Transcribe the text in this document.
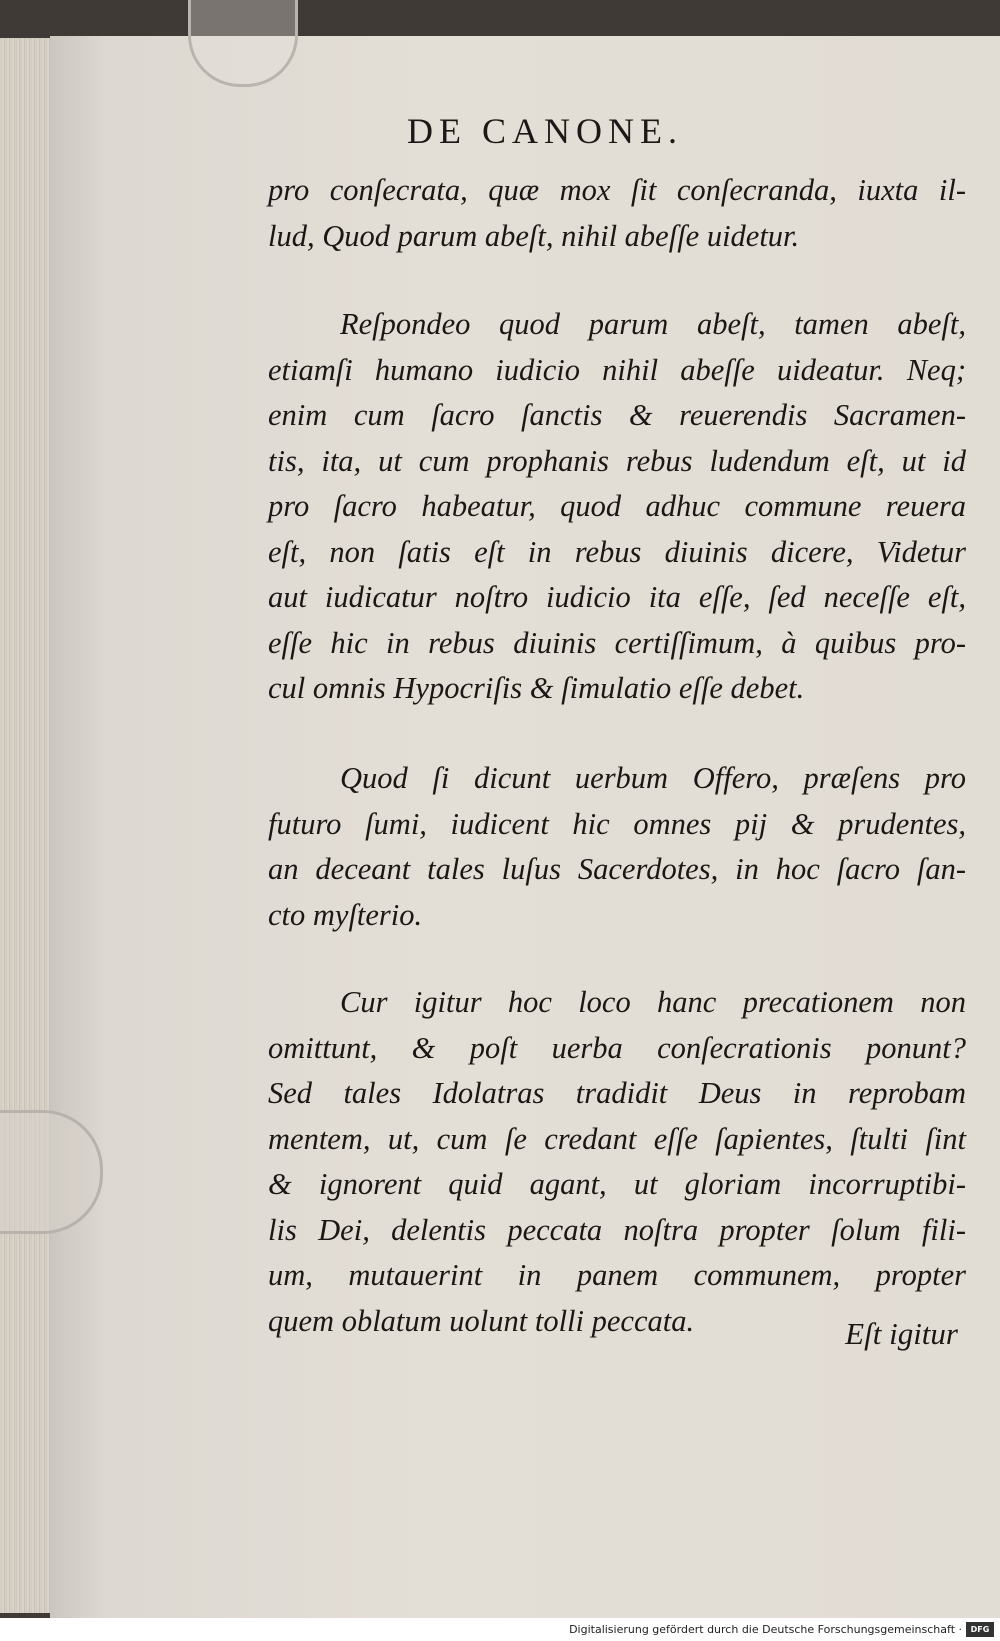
DE CANONE.
pro conſecrata, quæ mox ſit conſecranda, iuxta il-
lud, Quod parum abeſt, nihil abeſſe uidetur.
Reſpondeo quod parum abeſt, tamen abeſt,
etiamſi humano iudicio nihil abeſſe uideatur. Neq;
enim cum ſacro ſanctis & reuerendis Sacramen-
tis, ita, ut cum prophanis rebus ludendum eſt, ut id
pro ſacro habeatur, quod adhuc commune reuera
eſt, non ſatis eſt in rebus diuinis dicere, Videtur
aut iudicatur noſtro iudicio ita eſſe, ſed neceſſe eſt,
eſſe hic in rebus diuinis certiſſimum, à quibus pro-
cul omnis Hypocriſis & ſimulatio eſſe debet.
Quod ſi dicunt uerbum Offero, præſens pro
futuro ſumi, iudicent hic omnes pij & prudentes,
an deceant tales luſus Sacerdotes, in hoc ſacro ſan-
cto myſterio.
Cur igitur hoc loco hanc precationem non
omittunt, & poſt uerba conſecrationis ponunt?
Sed tales Idolatras tradidit Deus in reprobam
mentem, ut, cum ſe credant eſſe ſapientes, ſtulti ſint
& ignorent quid agant, ut gloriam incorruptibi-
lis Dei, delentis peccata noſtra propter ſolum fili-
um, mutauerint in panem communem, propter
quem oblatum uolunt tolli peccata.	Eſt igitur
Digitalisierung gefördert durch die Deutsche Forschungsgemeinschaft ·	DFG
